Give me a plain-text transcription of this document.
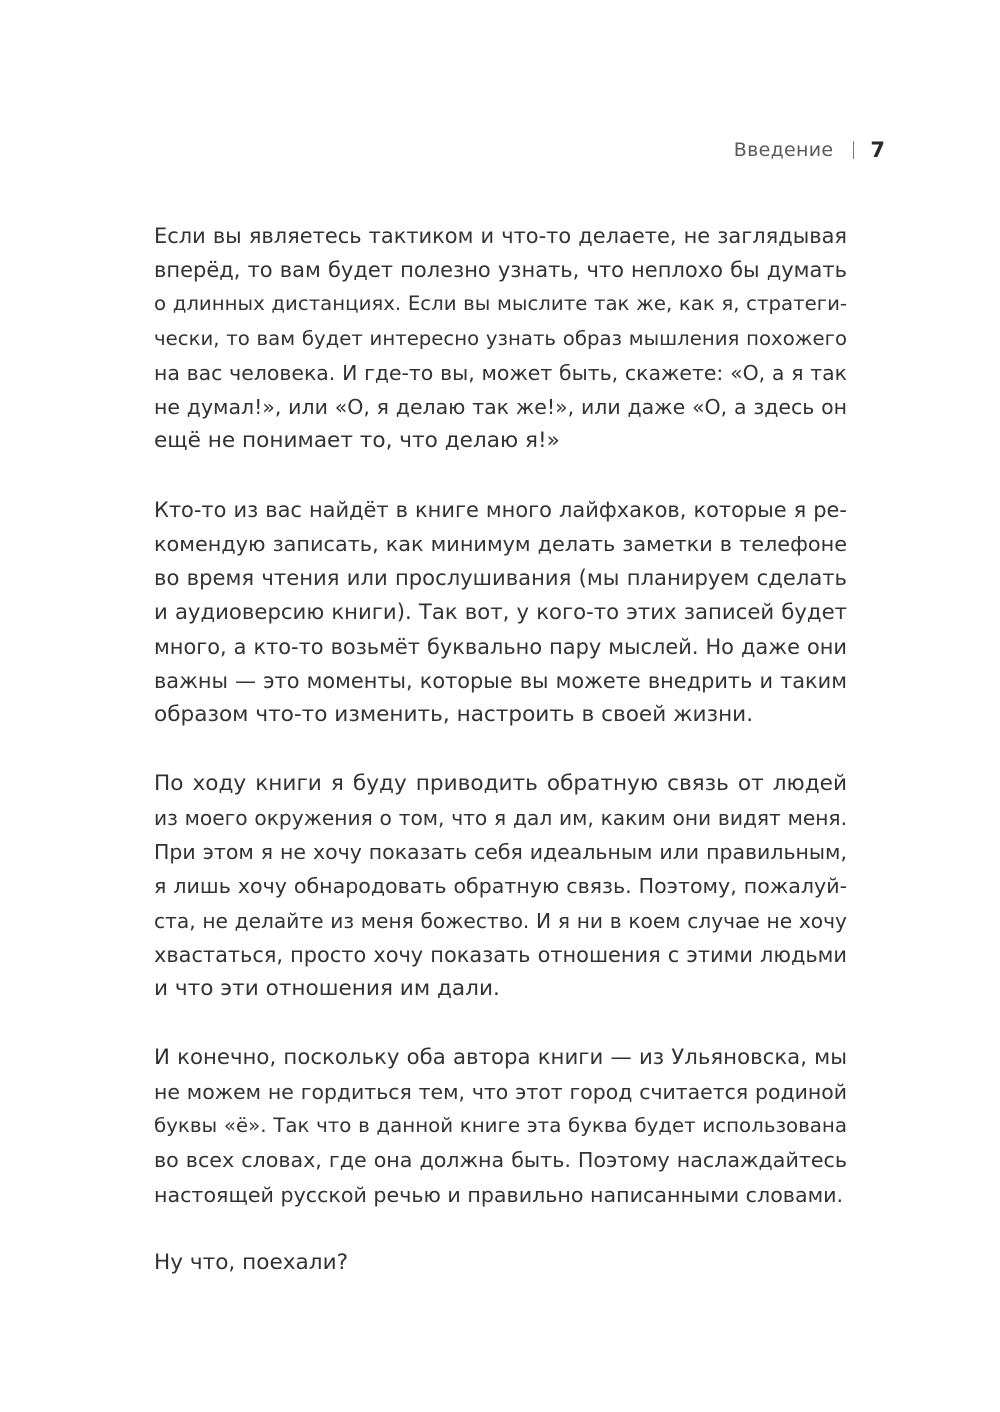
Введение 7

Если вы являетесь тактиком и что-то делаете, не заглядывая
вперёд, то вам будет полезно узнать, что неплохо бы думать
о длинных дистанциях. Если вы мыслите так же, как я, стратеги-
чески, то вам будет интересно узнать образ мышления похожего
на вас человека. И где-то вы, может быть, скажете: «О, а я так
не думал!», или «О, я делаю так же!», или даже «О, а здесь он
ещё не понимает то, что делаю я!»

Кто-то из вас найдёт в книге много лайфхаков, которые я ре-
комендую записать, как минимум делать заметки в телефоне
во время чтения или прослушивания (мы планируем сделать
и аудиоверсию книги). Так вот, у кого-то этих записей будет
много, а кто-то возьмёт буквально пару мыслей. Но даже они
важны — это моменты, которые вы можете внедрить и таким
образом что-то изменить, настроить в своей жизни.

По ходу книги я буду приводить обратную связь от людей
из моего окружения о том, что я дал им, каким они видят меня.
При этом я не хочу показать себя идеальным или правильным,
я лишь хочу обнародовать обратную связь. Поэтому, пожалуй-
ста, не делайте из меня божество. И я ни в коем случае не хочу
хвастаться, просто хочу показать отношения с этими людьми
и что эти отношения им дали.

И конечно, поскольку оба автора книги — из Ульяновска, мы
не можем не гордиться тем, что этот город считается родиной
буквы «ё». Так что в данной книге эта буква будет использована
во всех словах, где она должна быть. Поэтому наслаждайтесь
настоящей русской речью и правильно написанными словами.

Ну что, поехали?
